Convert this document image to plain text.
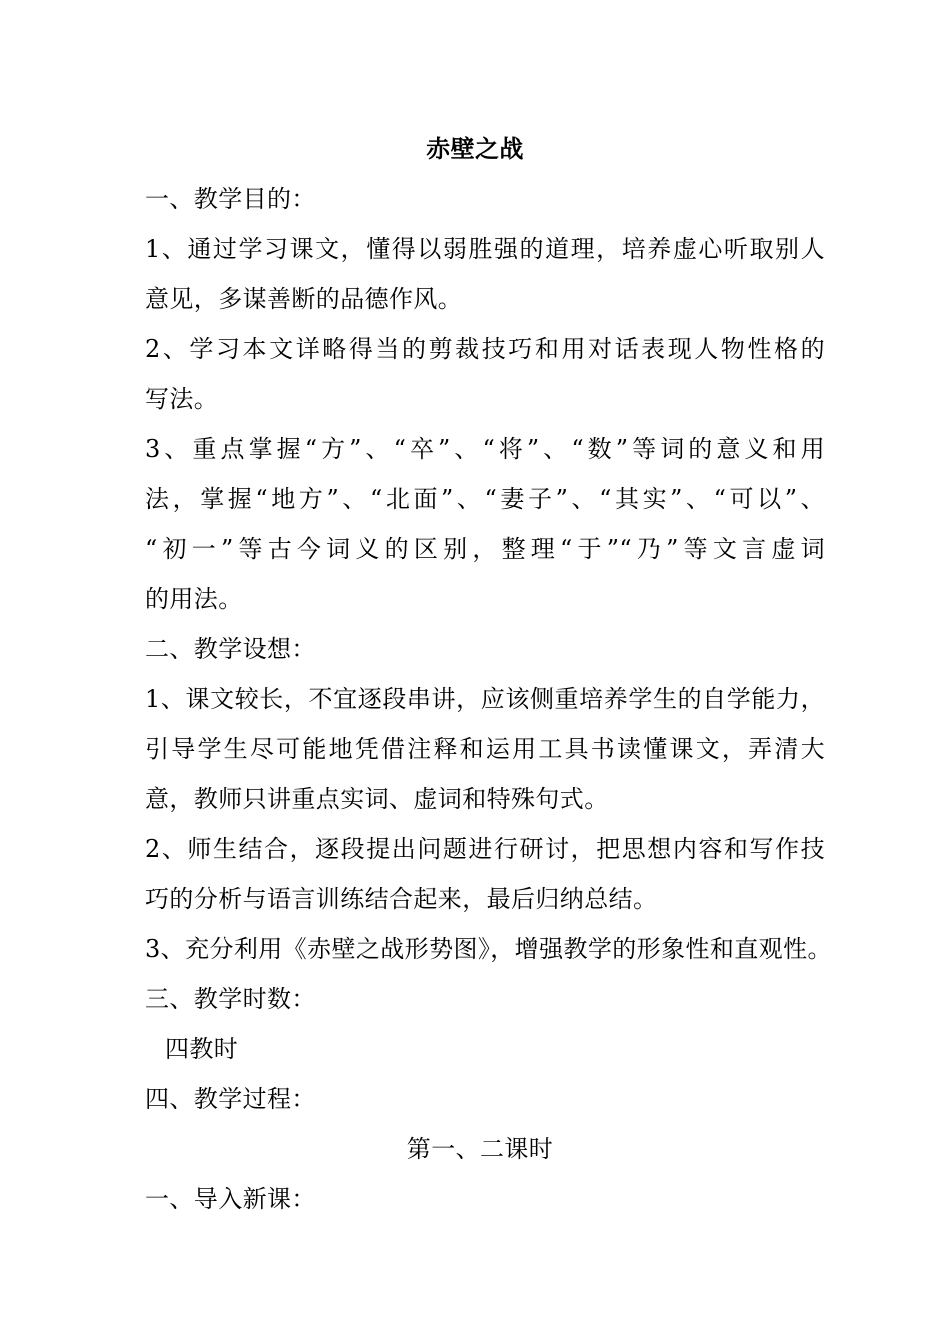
赤壁之战
一、教学目的：
1、通过学习课文，懂得以弱胜强的道理，培养虚心听取别人
意见，多谋善断的品德作风。
2、学习本文详略得当的剪裁技巧和用对话表现人物性格的
写法。
3、重点掌握“方”、“卒”、“将”、“数”等词的意义和用
法，掌握“地方”、“北面”、“妻子”、“其实”、“可以”、
“初一”等古今词义的区别，整理“于”“乃”等文言虚词
的用法。
二、教学设想：
1、课文较长，不宜逐段串讲，应该侧重培养学生的自学能力，
引导学生尽可能地凭借注释和运用工具书读懂课文，弄清大
意，教师只讲重点实词、虚词和特殊句式。
2、师生结合，逐段提出问题进行研讨，把思想内容和写作技
巧的分析与语言训练结合起来，最后归纳总结。
3、充分利用《赤壁之战形势图》，增强教学的形象性和直观性。
三、教学时数：
四教时
四、教学过程：
第一、二课时
一、导入新课：
